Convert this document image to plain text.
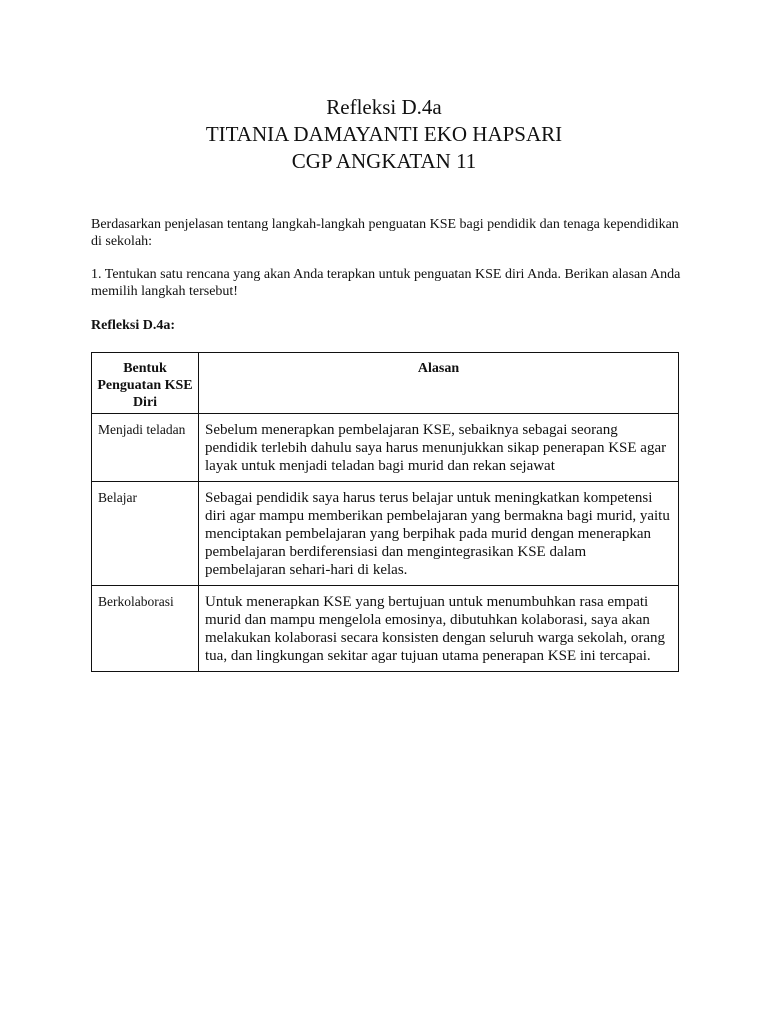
Refleksi D.4a
TITANIA DAMAYANTI EKO HAPSARI
CGP ANGKATAN 11

Berdasarkan penjelasan tentang langkah-langkah penguatan KSE bagi pendidik dan tenaga kependidikan di sekolah:

1. Tentukan satu rencana yang akan Anda terapkan untuk penguatan KSE diri Anda. Berikan alasan Anda memilih langkah tersebut!

Refleksi D.4a:

Bentuk Penguatan KSE Diri	Alasan

Menjadi teladan	Sebelum menerapkan pembelajaran KSE, sebaiknya sebagai seorang pendidik terlebih dahulu saya harus menunjukkan sikap penerapan KSE agar layak untuk menjadi teladan bagi murid dan rekan sejawat

Belajar	Sebagai pendidik saya harus terus belajar untuk meningkatkan kompetensi diri agar mampu memberikan pembelajaran yang bermakna bagi murid, yaitu menciptakan pembelajaran yang berpihak pada murid dengan menerapkan pembelajaran berdiferensiasi dan mengintegrasikan KSE dalam pembelajaran sehari-hari di kelas.

Berkolaborasi	Untuk menerapkan KSE yang bertujuan untuk menumbuhkan rasa empati murid dan mampu mengelola emosinya, dibutuhkan kolaborasi, saya akan melakukan kolaborasi secara konsisten dengan seluruh warga sekolah, orang tua, dan lingkungan sekitar agar tujuan utama penerapan KSE ini tercapai.
